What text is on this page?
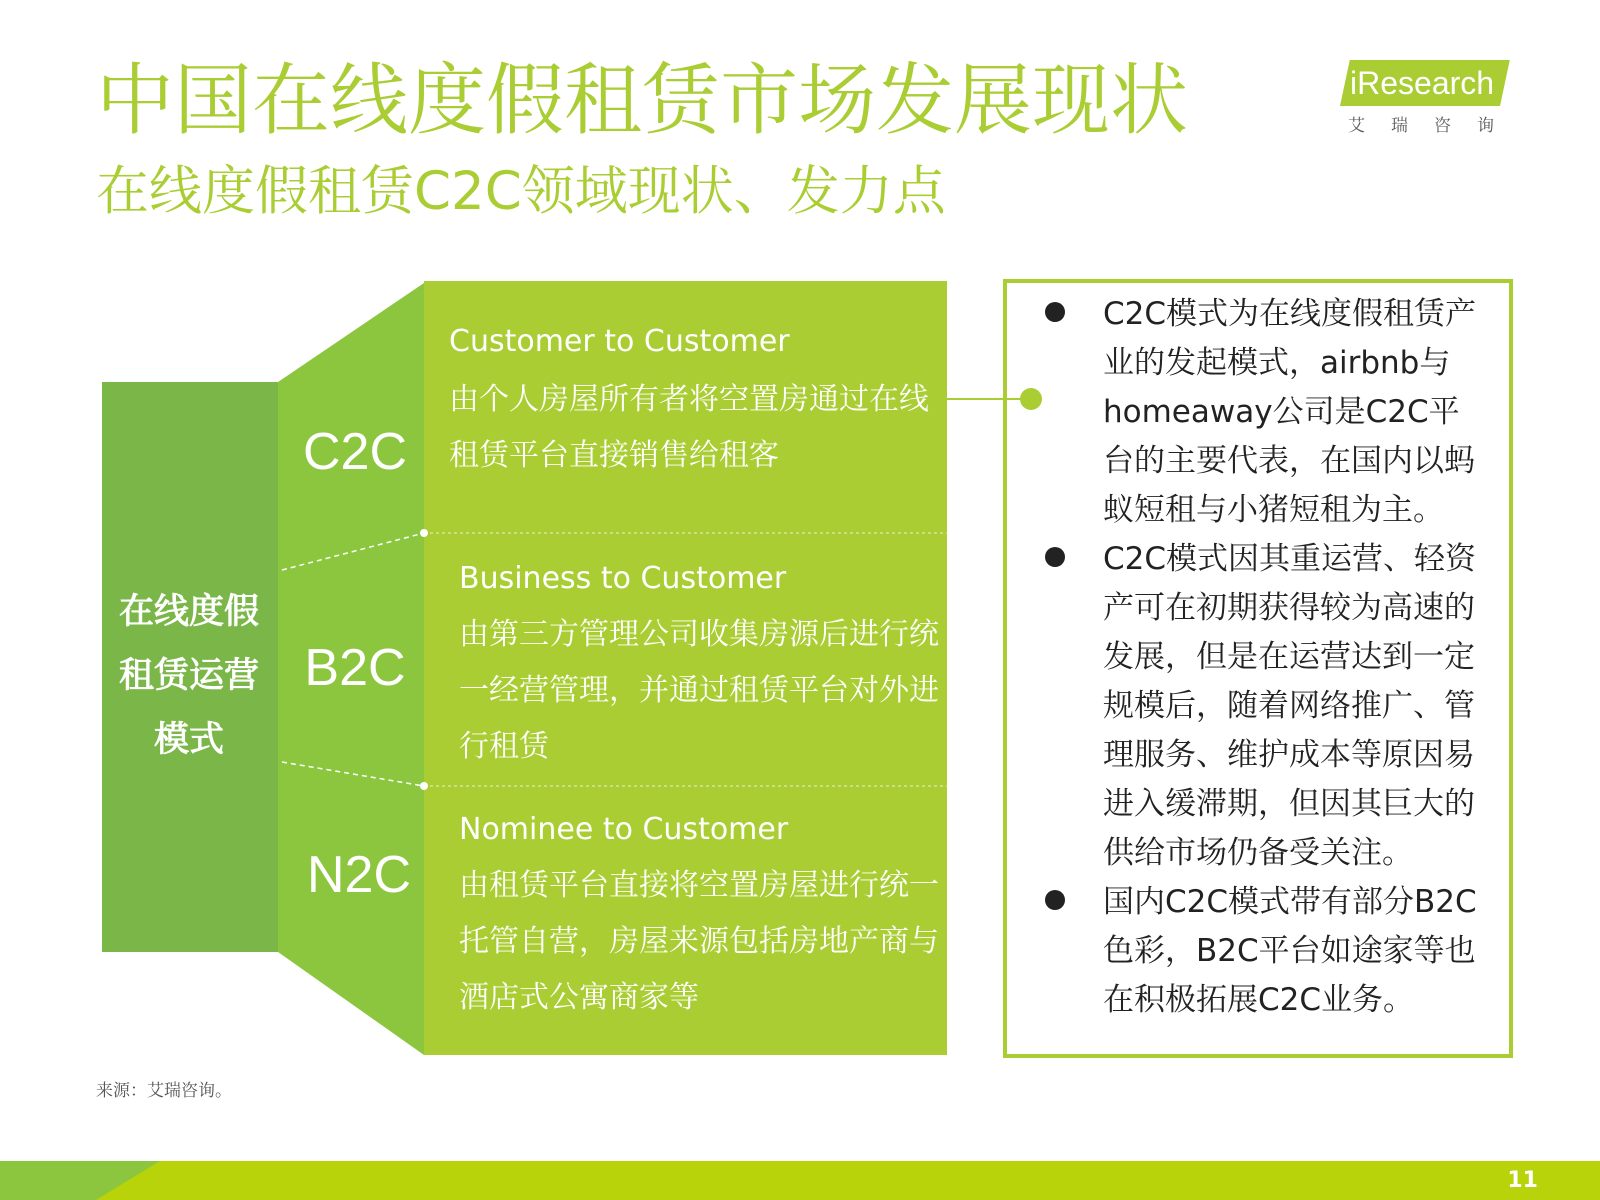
中国在线度假租赁市场发展现状
在线度假租赁C2C领域现状、发力点
iResearch
艾瑞咨询
在线度假租赁运营模式
C2C
Customer to Customer
由个人房屋所有者将空置房通过在线租赁平台直接销售给租客
B2C
Business to Customer
由第三方管理公司收集房源后进行统一经营管理，并通过租赁平台对外进行租赁
N2C
Nominee to Customer
由租赁平台直接将空置房屋进行统一托管自营，房屋来源包括房地产商与酒店式公寓商家等
C2C模式为在线度假租赁产业的发起模式，airbnb与homeaway公司是C2C平台的主要代表，在国内以蚂蚁短租与小猪短租为主。
C2C模式因其重运营、轻资产可在初期获得较为高速的发展，但是在运营达到一定规模后，随着网络推广、管理服务、维护成本等原因易进入缓滞期，但因其巨大的供给市场仍备受关注。
国内C2C模式带有部分B2C色彩，B2C平台如途家等也在积极拓展C2C业务。
来源：艾瑞咨询。
11
